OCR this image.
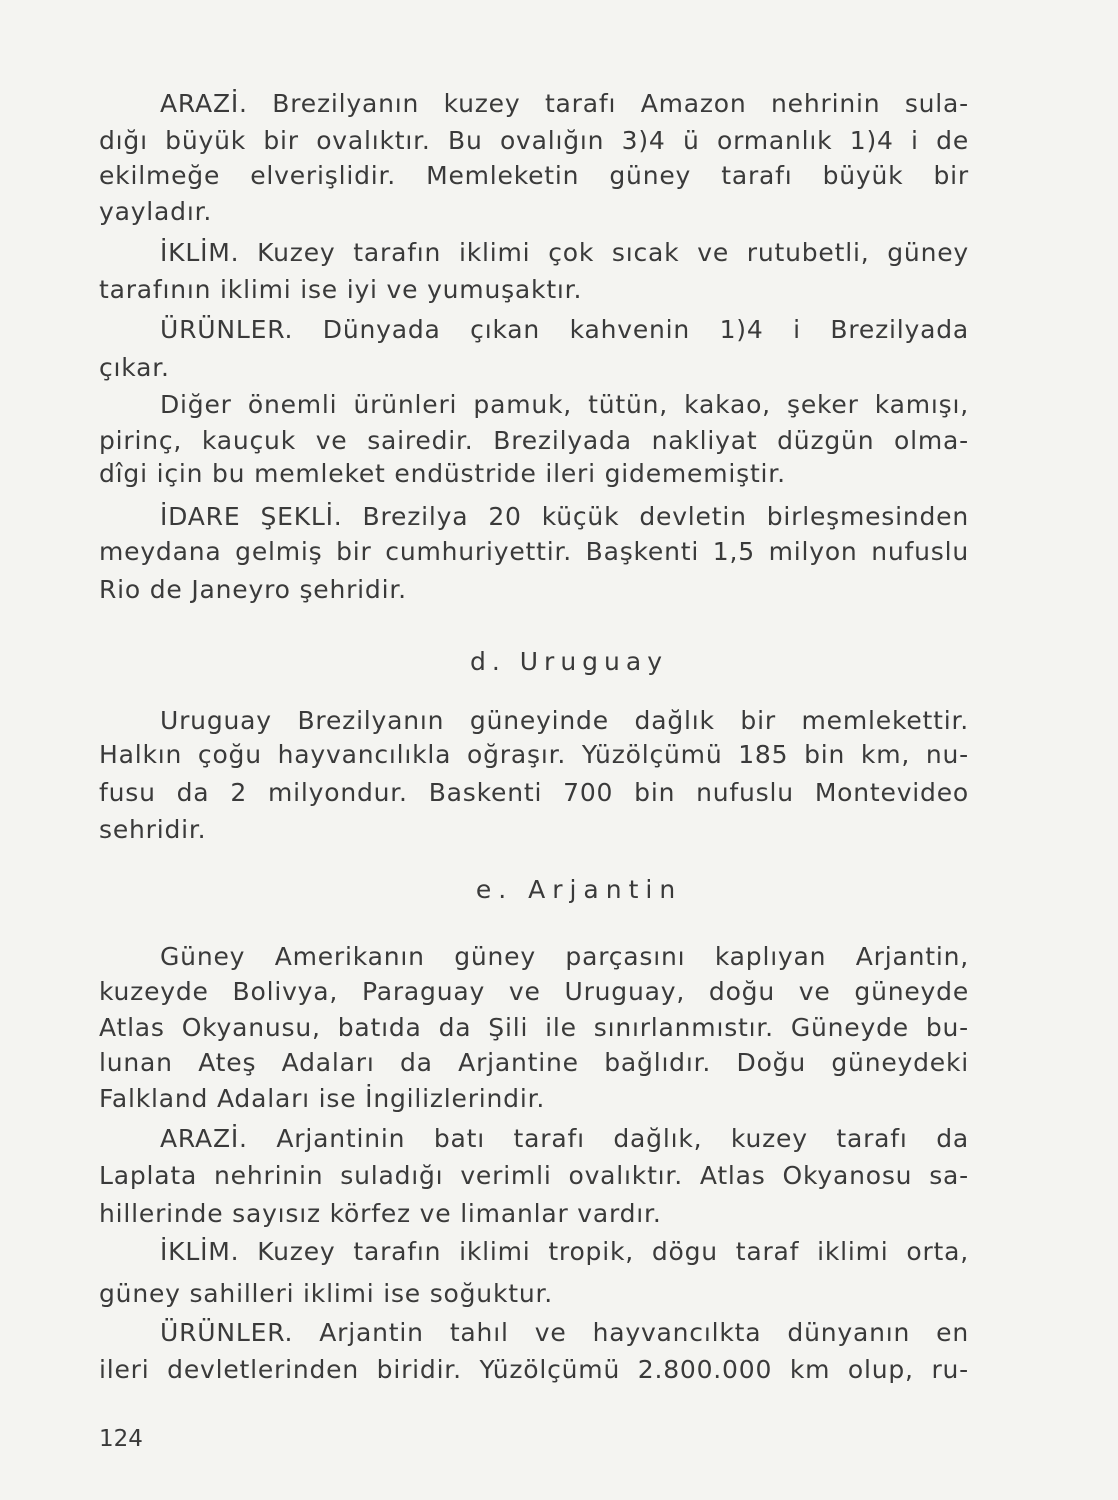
ARAZİ. Brezilyanın kuzey tarafı Amazon nehrinin sula-

dığı büyük bir ovalıktır. Bu ovalığın 3)4 ü ormanlık 1)4 i de

ekilmeğe elverişlidir. Memleketin güney tarafı büyük bir

yayladır.

İKLİM. Kuzey tarafın iklimi çok sıcak ve rutubetli, güney

tarafının iklimi ise iyi ve yumuşaktır.

ÜRÜNLER. Dünyada çıkan kahvenin 1)4 i Brezilyada

çıkar.

Diğer önemli ürünleri pamuk, tütün, kakao, şeker kamışı,

pirinç, kauçuk ve sairedir. Brezilyada nakliyat düzgün olma-

dîgi için bu memleket endüstride ileri gidememiştir.

İDARE ŞEKLİ. Brezilya 20 küçük devletin birleşmesinden

meydana gelmiş bir cumhuriyettir. Başkenti 1,5 milyon nufuslu

Rio de Janeyro şehridir.

d. Uruguay

Uruguay Brezilyanın güneyinde dağlık bir memlekettir.

Halkın çoğu hayvancılıkla oğraşır. Yüzölçümü 185 bin km, nu-

fusu da 2 milyondur. Baskenti 700 bin nufuslu Montevideo

sehridir.

e. Arjantin

Güney Amerikanın güney parçasını kaplıyan Arjantin,

kuzeyde Bolivya, Paraguay ve Uruguay, doğu ve güneyde

Atlas Okyanusu, batıda da Şili ile sınırlanmıstır. Güneyde bu-

lunan Ateş Adaları da Arjantine bağlıdır. Doğu güneydeki

Falkland Adaları ise İngilizlerindir.

ARAZİ. Arjantinin batı tarafı dağlık, kuzey tarafı da

Laplata nehrinin suladığı verimli ovalıktır. Atlas Okyanosu sa-

hillerinde sayısız körfez ve limanlar vardır.

İKLİM. Kuzey tarafın iklimi tropik, dögu taraf iklimi orta,

güney sahilleri iklimi ise soğuktur.

ÜRÜNLER. Arjantin tahıl ve hayvancılkta dünyanın en

ileri devletlerinden biridir. Yüzölçümü 2.800.000 km olup, ru-

124
